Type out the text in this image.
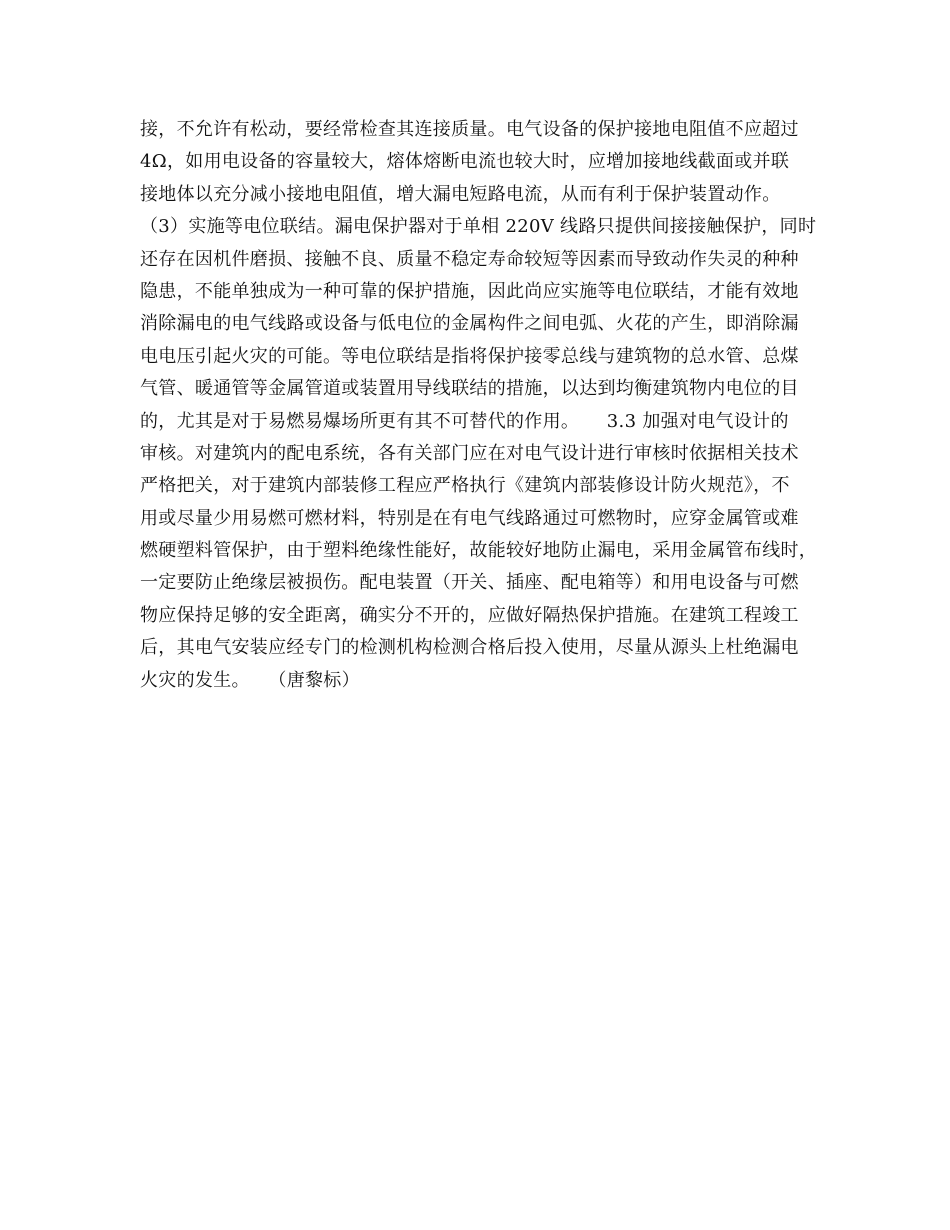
接，不允许有松动，要经常检查其连接质量。电气设备的保护接地电阻值不应超过
4Ω，如用电设备的容量较大，熔体熔断电流也较大时，应增加接地线截面或并联
接地体以充分减小接地电阻值，增大漏电短路电流，从而有利于保护装置动作。
（3）实施等电位联结。漏电保护器对于单相 220V 线路只提供间接接触保护，同时
还存在因机件磨损、接触不良、质量不稳定寿命较短等因素而导致动作失灵的种种
隐患，不能单独成为一种可靠的保护措施，因此尚应实施等电位联结，才能有效地
消除漏电的电气线路或设备与低电位的金属构件之间电弧、火花的产生，即消除漏
电电压引起火灾的可能。等电位联结是指将保护接零总线与建筑物的总水管、总煤
气管、暖通管等金属管道或装置用导线联结的措施，以达到均衡建筑物内电位的目
的，尤其是对于易燃易爆场所更有其不可替代的作用。　　3.3 加强对电气设计的
审核。对建筑内的配电系统，各有关部门应在对电气设计进行审核时依据相关技术
严格把关，对于建筑内部装修工程应严格执行《建筑内部装修设计防火规范》，不
用或尽量少用易燃可燃材料，特别是在有电气线路通过可燃物时，应穿金属管或难
燃硬塑料管保护，由于塑料绝缘性能好，故能较好地防止漏电，采用金属管布线时，
一定要防止绝缘层被损伤。配电装置（开关、插座、配电箱等）和用电设备与可燃
物应保持足够的安全距离，确实分不开的，应做好隔热保护措施。在建筑工程竣工
后，其电气安装应经专门的检测机构检测合格后投入使用，尽量从源头上杜绝漏电
火灾的发生。　　（唐黎标）
